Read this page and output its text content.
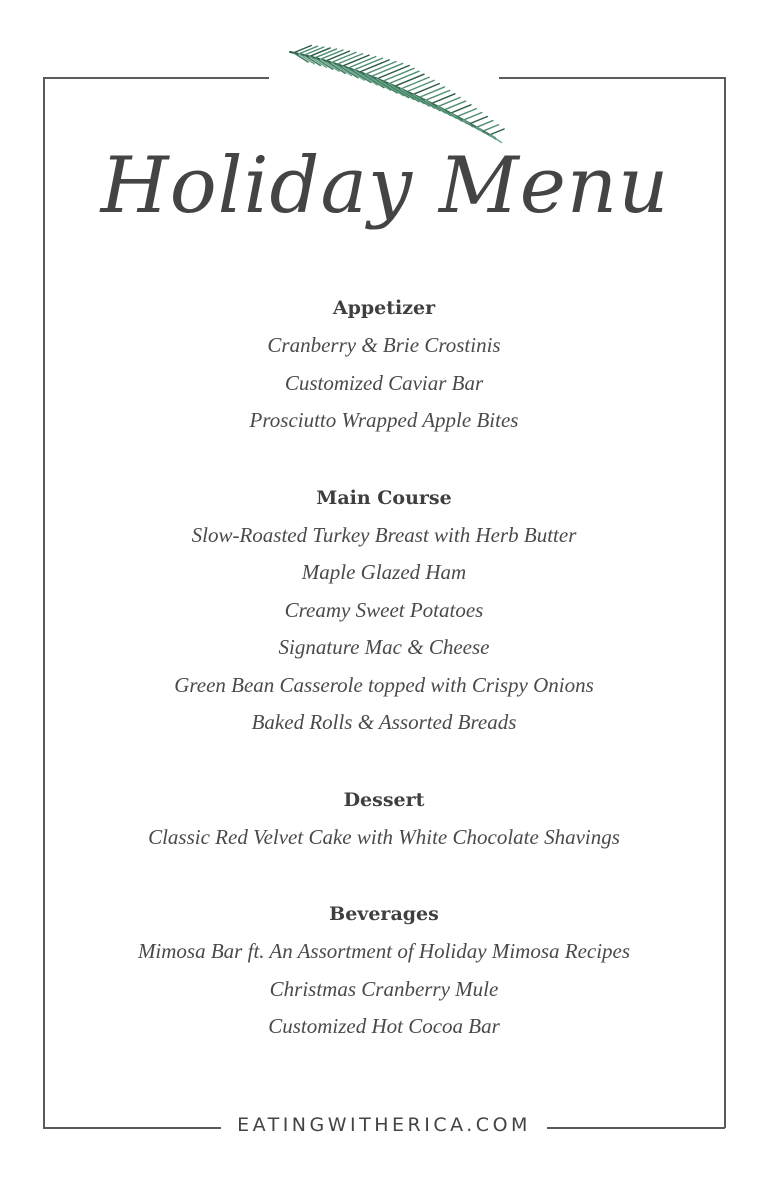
Holiday Menu
Appetizer
Cranberry & Brie Crostinis
Customized Caviar Bar
Prosciutto Wrapped Apple Bites
Main Course
Slow-Roasted Turkey Breast with Herb Butter
Maple Glazed Ham
Creamy Sweet Potatoes
Signature Mac & Cheese
Green Bean Casserole topped with Crispy Onions
Baked Rolls & Assorted Breads
Dessert
Classic Red Velvet Cake with White Chocolate Shavings
Beverages
Mimosa Bar ft. An Assortment of Holiday Mimosa Recipes
Christmas Cranberry Mule
Customized Hot Cocoa Bar
EATINGWITHERICA.COM
